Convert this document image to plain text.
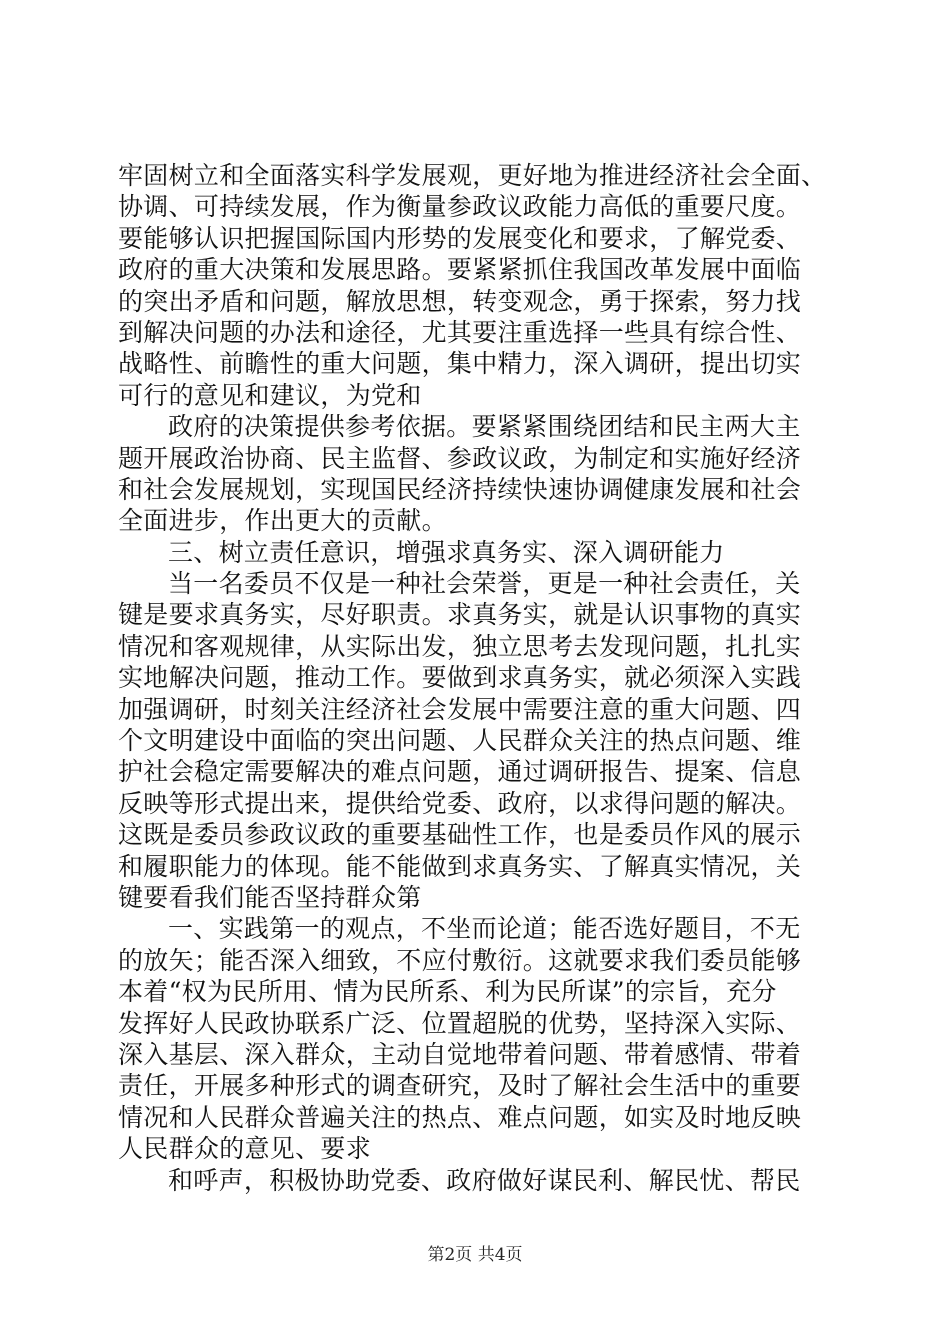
牢固树立和全面落实科学发展观，更好地为推进经济社会全面、
协调、可持续发展，作为衡量参政议政能力高低的重要尺度。
要能够认识把握国际国内形势的发展变化和要求，了解党委、
政府的重大决策和发展思路。要紧紧抓住我国改革发展中面临
的突出矛盾和问题，解放思想，转变观念，勇于探索，努力找
到解决问题的办法和途径，尤其要注重选择一些具有综合性、
战略性、前瞻性的重大问题，集中精力，深入调研，提出切实
可行的意见和建议，为党和
政府的决策提供参考依据。要紧紧围绕团结和民主两大主
题开展政治协商、民主监督、参政议政，为制定和实施好经济
和社会发展规划，实现国民经济持续快速协调健康发展和社会
全面进步，作出更大的贡献。
三、树立责任意识，增强求真务实、深入调研能力
当一名委员不仅是一种社会荣誉，更是一种社会责任，关
键是要求真务实，尽好职责。求真务实，就是认识事物的真实
情况和客观规律，从实际出发，独立思考去发现问题，扎扎实
实地解决问题，推动工作。要做到求真务实，就必须深入实践
加强调研，时刻关注经济社会发展中需要注意的重大问题、四
个文明建设中面临的突出问题、人民群众关注的热点问题、维
护社会稳定需要解决的难点问题，通过调研报告、提案、信息
反映等形式提出来，提供给党委、政府，以求得问题的解决。
这既是委员参政议政的重要基础性工作，也是委员作风的展示
和履职能力的体现。能不能做到求真务实、了解真实情况，关
键要看我们能否坚持群众第
一、实践第一的观点，不坐而论道；能否选好题目，不无
的放矢；能否深入细致，不应付敷衍。这就要求我们委员能够
本着“权为民所用、情为民所系、利为民所谋”的宗旨，充分
发挥好人民政协联系广泛、位置超脱的优势，坚持深入实际、
深入基层、深入群众，主动自觉地带着问题、带着感情、带着
责任，开展多种形式的调查研究，及时了解社会生活中的重要
情况和人民群众普遍关注的热点、难点问题，如实及时地反映
人民群众的意见、要求
和呼声，积极协助党委、政府做好谋民利、解民忧、帮民
第2页 共4页
